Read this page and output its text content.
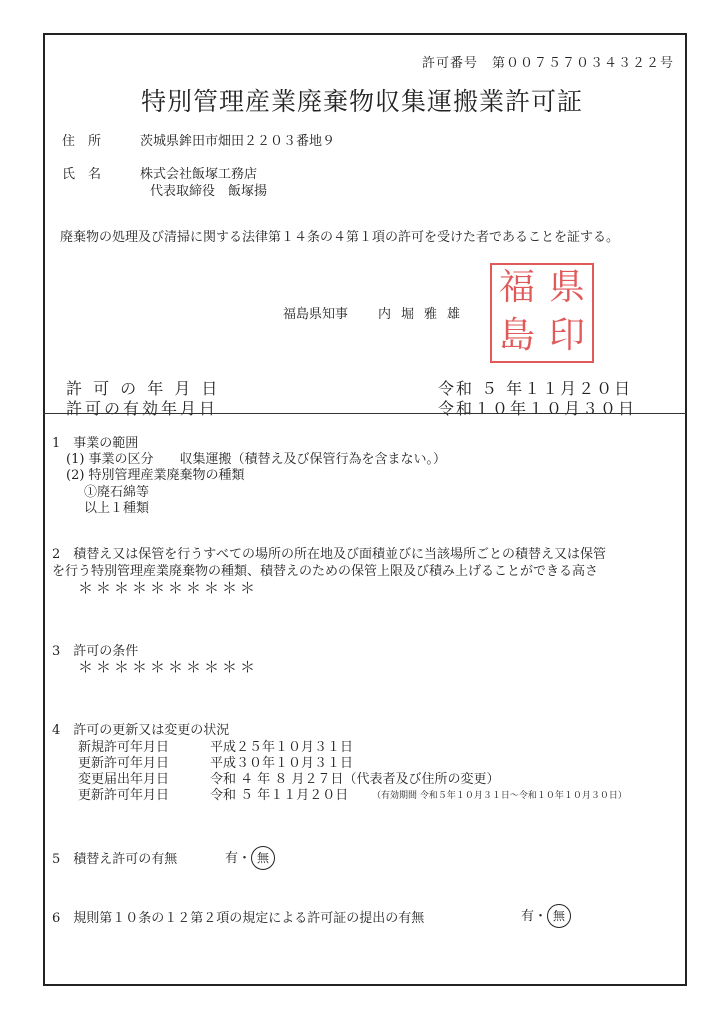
許可番号　第００７５７０３４３２２号
特別管理産業廃棄物収集運搬業許可証
住　所	茨城県鉾田市畑田２２０３番地９
氏　名	株式会社飯塚工務店
代表取締役　飯塚揚
廃棄物の処理及び清掃に関する法律第１４条の４第１項の許可を受けた者であることを証する。
福島県知事 内堀雅雄
県
印
福
島
許 可 の 年 月 日	令和 ５ 年１１月２０日
許可の有効年月日	令和１０年１０月３０日
1　事業の範囲
(1) 事業の区分　　収集運搬（積替え及び保管行為を含まない。）
(2) 特別管理産業廃棄物の種類
①廃石綿等
以上１種類
2　積替え又は保管を行うすべての場所の所在地及び面積並びに当該場所ごとの積替え又は保管
を行う特別管理産業廃棄物の種類、積替えのための保管上限及び積み上げることができる高さ
＊＊＊＊＊＊＊＊＊＊
3　許可の条件
＊＊＊＊＊＊＊＊＊＊
4　許可の更新又は変更の状況
新規許可年月日	平成２５年１０月３１日
更新許可年月日	平成３０年１０月３１日
変更届出年月日	令和 ４ 年 ８ 月２７日（代表者及び住所の変更）
更新許可年月日	令和 ５ 年１１月２０日	（有効期間 令和５年１０月３１日～令和１０年１０月３０日）
5　積替え許可の有無	有・ 無
6　規則第１０条の１２第２項の規定による許可証の提出の有無	有・ 無
